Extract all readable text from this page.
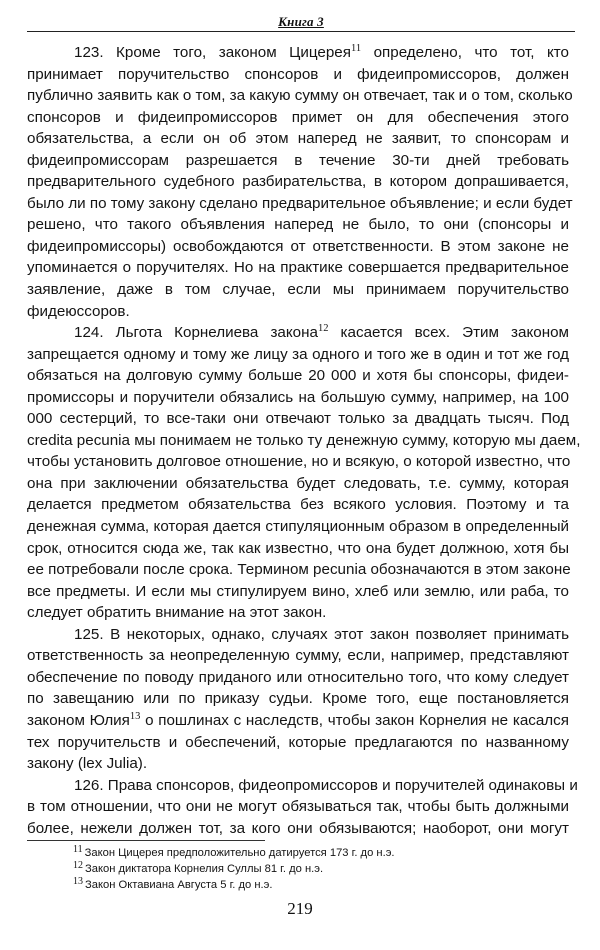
Книга 3
123. Кроме того, законом Цицерея$^{11}$ определено, что тот, кто
принимает поручительство спонсоров и фидеипромиссоров, должен
публично заявить как о том, за какую сумму он отвечает, так и о том, сколько
спонсоров и фидеипромиссоров примет он для обеспечения этого
обязательства, а если он об этом наперед не заявит, то спонсорам и
фидеипромиссорам разрешается в течение 30-ти дней требовать
предварительного судебного разбирательства, в котором допрашивается,
было ли по тому закону сделано предварительное объявление; и если будет
решено, что такого объявления наперед не было, то они (спонсоры и
фидеипромиссоры) освобождаются от ответственности. В этом законе не
упоминается о поручителях. Но на практике совершается предварительное
заявление, даже в том случае, если мы принимаем поручительство
фидеюссоров.
124. Льгота Корнелиева закона$^{12}$ касается всех. Этим законом
запрещается одному и тому же лицу за одного и того же в один и тот же год
обязаться на долговую сумму больше 20 000 и хотя бы спонсоры, фидеи-
промиссоры и поручители обязались на большую сумму, например, на 100
000 сестерций, то все-таки они отвечают только за двадцать тысяч. Под
credita pecunia мы понимаем не только ту денежную сумму, которую мы даем,
чтобы установить долговое отношение, но и всякую, о которой известно, что
она при заключении обязательства будет следовать, т.е. сумму, которая
делается предметом обязательства без всякого условия. Поэтому и та
денежная сумма, которая дается стипуляционным образом в определенный
срок, относится сюда же, так как известно, что она будет должною, хотя бы
ее потребовали после срока. Термином pecunia обозначаются в этом законе
все предметы. И если мы стипулируем вино, хлеб или землю, или раба, то
следует обратить внимание на этот закон.
125. В некоторых, однако, случаях этот закон позволяет принимать
ответственность за неопределенную сумму, если, например, представляют
обеспечение по поводу приданого или относительно того, что кому следует
по завещанию или по приказу судьи. Кроме того, еще постановляется
законом Юлия$^{13}$ о пошлинах с наследств, чтобы закон Корнелия не касался
тех поручительств и обеспечений, которые предлагаются по названному
закону (lex Julia).
126. Права спонсоров, фидеопромиссоров и поручителей одинаковы и
в том отношении, что они не могут обязываться так, чтобы быть должными
более, нежели должен тот, за кого они обязываются; наоборот, они могут
$^{11}$ Закон Цицерея предположительно датируется 173 г. до н.э.
$^{12}$ Закон диктатора Корнелия Суллы 81 г. до н.э.
$^{13}$ Закон Октавиана Августа 5 г. до н.э.
219
